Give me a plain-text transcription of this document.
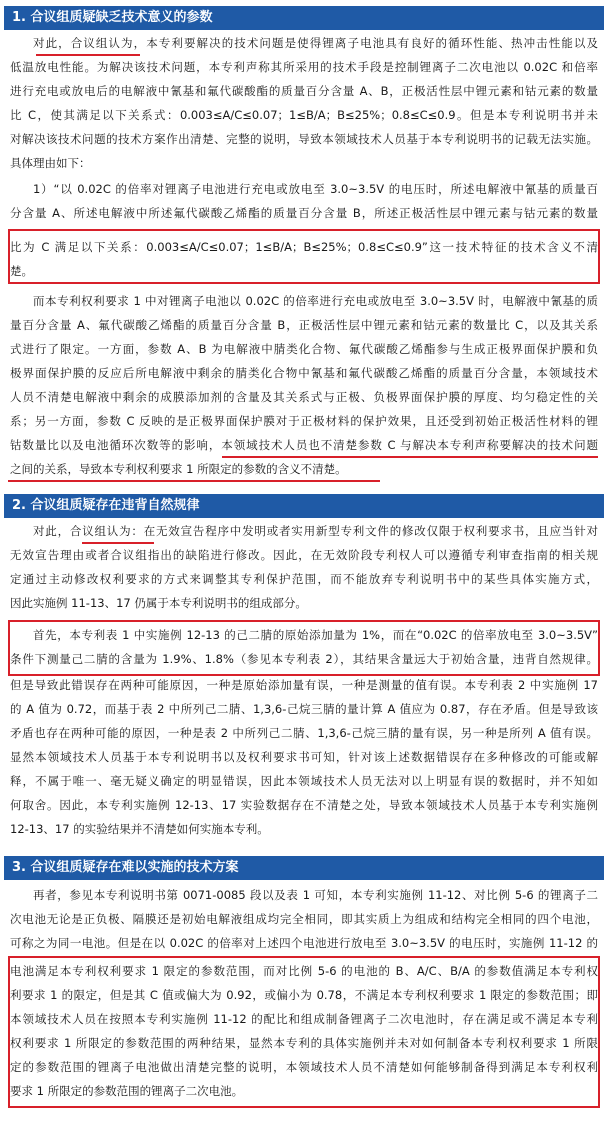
1. 合议组质疑缺乏技术意义的参数
对此，合议组认为，本专利要解决的技术问题是使得锂离子电池具有良好的循环性能、热冲击性能以及
低温放电性能。为解决该技术问题，本专利声称其所采用的技术手段是控制锂离子二次电池以 0.02C 和倍率
进行充电或放电后的电解液中氰基和氟代碳酸酯的质量百分含量 A、B，正极活性层中锂元素和钴元素的数量
比 C，使其满足以下关系式：0.003≤A/C≤0.07；1≤B/A；B≤25%；0.8≤C≤0.9。但是本专利说明书并未
对解决该技术问题的技术方案作出清楚、完整的说明，导致本领域技术人员基于本专利说明书的记载无法实施。
具体理由如下：
1）“以 0.02C 的倍率对锂离子电池进行充电或放电至 3.0~3.5V 的电压时，所述电解液中氰基的质量百
分含量 A、所述电解液中所述氟代碳酸乙烯酯的质量百分含量 B，所述正极活性层中锂元素与钴元素的数量
比为 C 满足以下关系：0.003≤A/C≤0.07；1≤B/A；B≤25%；0.8≤C≤0.9”这一技术特征的技术含义不清
楚。
而本专利权利要求 1 中对锂离子电池以 0.02C 的倍率进行充电或放电至 3.0~3.5V 时，电解液中氰基的质
量百分含量 A、氟代碳酸乙烯酯的质量百分含量 B，正极活性层中锂元素和钴元素的数量比 C，以及其关系
式进行了限定。一方面，参数 A、B 为电解液中腈类化合物、氟代碳酸乙烯酯参与生成正极界面保护膜和负
极界面保护膜的反应后所电解液中剩余的腈类化合物中氰基和氟代碳酸乙烯酯的质量百分含量，本领域技术
人员不清楚电解液中剩余的成膜添加剂的含量及其关系式与正极、负极界面保护膜的厚度、均匀稳定性的关
系；另一方面，参数 C 反映的是正极界面保护膜对于正极材料的保护效果，且还受到初始正极活性材料的锂
钴数量比以及电池循环次数等的影响，本领域技术人员也不清楚参数 C 与解决本专利声称要解决的技术问题
之间的关系，导致本专利权利要求 1 所限定的参数的含义不清楚。
2. 合议组质疑存在违背自然规律
对此，合议组认为：在无效宣告程序中发明或者实用新型专利文件的修改仅限于权利要求书，且应当针对
无效宣告理由或者合议组指出的缺陷进行修改。因此，在无效阶段专利权人可以遵循专利审查指南的相关规
定通过主动修改权利要求的方式来调整其专利保护范围，而不能放弃专利说明书中的某些具体实施方式，
因此实施例 11-13、17 仍属于本专利说明书的组成部分。
首先，本专利表 1 中实施例 12-13 的己二腈的原始添加量为 1%，而在“0.02C 的倍率放电至 3.0~3.5V”
条件下测量己二腈的含量为 1.9%、1.8%（参见本专利表 2），其结果含量远大于初始含量，违背自然规律。
但是导致此错误存在两种可能原因，一种是原始添加量有误，一种是测量的值有误。本专利表 2 中实施例 17
的 A 值为 0.72，而基于表 2 中所列己二腈、1,3,6-己烷三腈的量计算 A 值应为 0.87，存在矛盾。但是导致该
矛盾也存在两种可能的原因，一种是表 2 中所列己二腈、1,3,6-己烷三腈的量有误，另一种是所列 A 值有误。
显然本领域技术人员基于本专利说明书以及权利要求书可知，针对该上述数据错误存在多种修改的可能或解
释，不属于唯一、毫无疑义确定的明显错误，因此本领域技术人员无法对以上明显有误的数据时，并不知如
何取舍。因此，本专利实施例 12-13、17 实验数据存在不清楚之处，导致本领域技术人员基于本专利实施例
12-13、17 的实验结果并不清楚如何实施本专利。
3. 合议组质疑存在难以实施的技术方案
再者，参见本专利说明书第 0071-0085 段以及表 1 可知，本专利实施例 11-12、对比例 5-6 的锂离子二
次电池无论是正负极、隔膜还是初始电解液组成均完全相同，即其实质上为组成和结构完全相同的四个电池，
可称之为同一电池。但是在以 0.02C 的倍率对上述四个电池进行放电至 3.0~3.5V 的电压时，实施例 11-12 的
电池满足本专利权利要求 1 限定的参数范围，而对比例 5-6 的电池的 B、A/C、B/A 的参数值满足本专利权
利要求 1 的限定，但是其 C 值或偏大为 0.92，或偏小为 0.78，不满足本专利权利要求 1 限定的参数范围；即
本领域技术人员在按照本专利实施例 11-12 的配比和组成制备锂离子二次电池时，存在满足或不满足本专利
权利要求 1 所限定的参数范围的两种结果，显然本专利的具体实施例并未对如何制备本专利权利要求 1 所限
定的参数范围的锂离子电池做出清楚完整的说明，本领域技术人员不清楚如何能够制备得到满足本专利权利
要求 1 所限定的参数范围的锂离子二次电池。
